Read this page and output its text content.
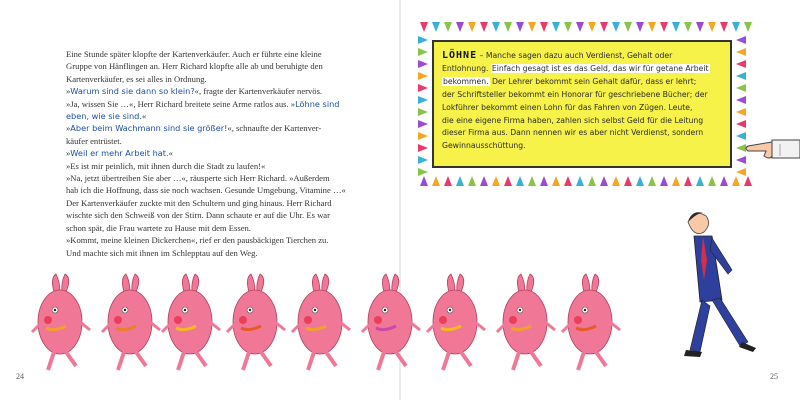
Eine Stunde später klopfte der Kartenverkäufer. Auch er führte eine kleine

Gruppe von Hänflingen an. Herr Richard klopfte alle ab und beruhigte den

Kartenverkäufer, es sei alles in Ordnung.

»Warum sind sie dann so klein?«, fragte der Kartenverkäufer nervös.

»Ja, wissen Sie …«, Herr Richard breitete seine Arme ratlos aus. »Löhne sind

eben, wie sie sind.«

»Aber beim Wachmann sind sie größer!«, schnaufte der Kartenver-

käufer entrüstet.

»Weil er mehr Arbeit hat.«

»Es ist mir peinlich, mit ihnen durch die Stadt zu laufen!«

»Na, jetzt übertreiben Sie aber …«, räusperte sich Herr Richard. »Außerdem

hab ich die Hoffnung, dass sie noch wachsen. Gesunde Umgebung, Vitamine …«

Der Kartenverkäufer zuckte mit den Schultern und ging hinaus. Herr Richard

wischte sich den Schweiß von der Stirn. Dann schaute er auf die Uhr. Es war

schon spät, die Frau wartete zu Hause mit dem Essen.

»Kommt, meine kleinen Dickerchen«, rief er den pausbäckigen Tierchen zu.

Und machte sich mit ihnen im Schlepptau auf den Weg.

LÖHNE – Manche sagen dazu auch Verdienst, Gehalt oder

Entlohnung. Einfach gesagt ist es das Geld, das wir für getane Arbeit

bekommen. Der Lehrer bekommt sein Gehalt dafür, dass er lehrt;

der Schriftsteller bekommt ein Honorar für geschriebene Bücher; der

Lokführer bekommt einen Lohn für das Fahren von Zügen. Leute,

die eine eigene Firma haben, zahlen sich selbst Geld für die Leitung

dieser Firma aus. Dann nennen wir es aber nicht Verdienst, sondern

Gewinnausschüttung.

24	25
